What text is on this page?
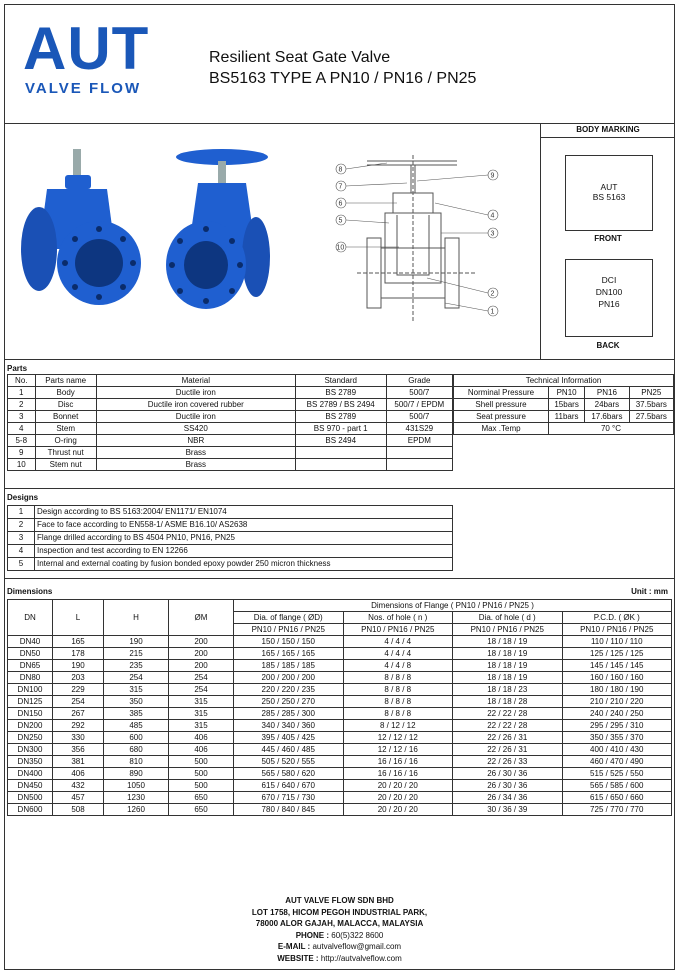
AUT
VALVE FLOW
Resilient Seat Gate Valve
BS5163 TYPE A PN10 / PN16 / PN25
8
7
6
5
10
9
4
3
2
1
BODY MARKING
AUT
BS 5163
FRONT
DCI
DN100
PN16
BACK
Parts
No.	Parts name	Material	Standard	Grade
1	Body	Ductile iron	BS 2789	500/7
2	Disc	Ductile iron covered rubber	BS 2789 / BS 2494	500/7 / EPDM
3	Bonnet	Ductile iron	BS 2789	500/7
4	Stem	SS420	BS 970 - part 1	431S29
5-8	O-ring	NBR	BS 2494	EPDM
9	Thrust nut	Brass		
10	Stem nut	Brass		
Technical Information			
Norminal Pressure	PN10	PN16	PN25
Shell pressure	15bars	24bars	37.5bars
Seat pressure	11bars	17.6bars	27.5bars
Max .Temp	70 °C		
Designs
1	Design according to BS 5163:2004/ EN1171/ EN1074
2	Face to face according to EN558-1/ ASME B16.10/ AS2638
3	Flange drilled according to BS 4504 PN10, PN16, PN25
4	Inspection and test according to EN 12266
5	Internal and external coating by fusion bonded epoxy powder 250 micron thickness
Dimensions	Unit : mm
DN	L	H	ØM	Dimensions of Flange ( PN10 / PN16 / PN25 )			
				Dia. of flange ( ØD)	Nos. of hole ( n )	Dia. of hole ( d )	P.C.D. ( ØK )
				PN10 / PN16 / PN25	PN10 / PN16 / PN25	PN10 / PN16 / PN25	PN10 / PN16 / PN25
DN40	165	190	200	150 / 150 / 150	4 / 4 / 4	18 / 18 / 19	110 / 110 / 110
DN50	178	215	200	165 / 165 / 165	4 / 4 / 4	18 / 18 / 19	125 / 125 / 125
DN65	190	235	200	185 / 185 / 185	4 / 4 / 8	18 / 18 / 19	145 / 145 / 145
DN80	203	254	254	200 / 200 / 200	8 / 8 / 8	18 / 18 / 19	160 / 160 / 160
DN100	229	315	254	220 / 220 / 235	8 / 8 / 8	18 / 18 / 23	180 / 180 / 190
DN125	254	350	315	250 / 250 / 270	8 / 8 / 8	18 / 18 / 28	210 / 210 / 220
DN150	267	385	315	285 / 285 / 300	8 / 8 / 8	22 / 22 / 28	240 / 240 / 250
DN200	292	485	315	340 / 340 / 360	8 / 12 / 12	22 / 22 / 28	295 / 295 / 310
DN250	330	600	406	395 / 405 / 425	12 / 12 / 12	22 / 26 / 31	350 / 355 / 370
DN300	356	680	406	445 / 460 / 485	12 / 12 / 16	22 / 26 / 31	400 / 410 / 430
DN350	381	810	500	505 / 520 / 555	16 / 16 / 16	22 / 26 / 33	460 / 470 / 490
DN400	406	890	500	565 / 580 / 620	16 / 16 / 16	26 / 30 / 36	515 / 525 / 550
DN450	432	1050	500	615 / 640 / 670	20 / 20 / 20	26 / 30 / 36	565 / 585 / 600
DN500	457	1230	650	670 / 715 / 730	20 / 20 / 20	26 / 34 / 36	615 / 650 / 660
DN600	508	1260	650	780 / 840 / 845	20 / 20 / 20	30 / 36 / 39	725 / 770 / 770
AUT VALVE FLOW SDN BHD
LOT 1758, HICOM PEGOH INDUSTRIAL PARK,
78000 ALOR GAJAH, MALACCA, MALAYSIA
PHONE : 60(5)322 8600
E-MAIL : autvalveflow@gmail.com
WEBSITE : http://autvalveflow.com
